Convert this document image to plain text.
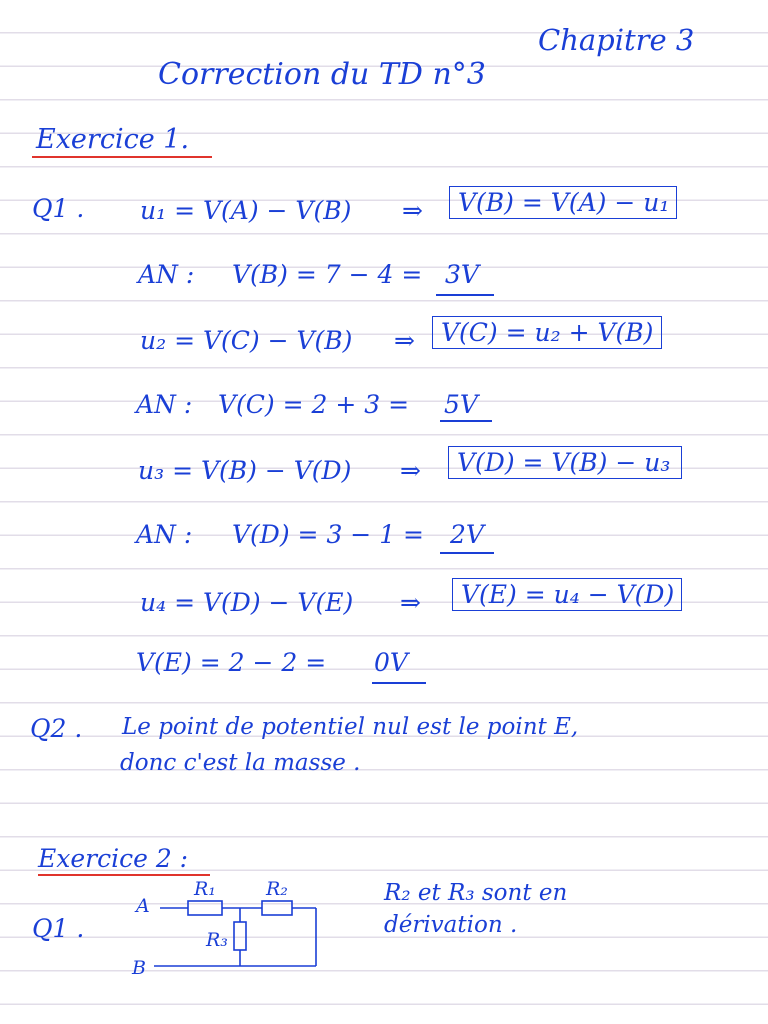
Chapitre 3
Correction du TD n°3
Exercice 1.
Q1 . u₁ = V(A) − V(B) ⇒	V(B) = V(A) − u₁
AN : V(B) = 7 − 4 = 3V
u₂ = V(C) − V(B) ⇒	V(C) = u₂ + V(B)
AN : V(C) = 2 + 3 = 5V
u₃ = V(B) − V(D) ⇒	V(D) = V(B) − u₃
AN : V(D) = 3 − 1 = 2V
u₄ = V(D) − V(E) ⇒	V(E) = u₄ − V(D)
V(E) = 2 − 2 = 0V
Q2 . Le point de potentiel nul est le point E,
donc c'est la masse .
Exercice 2 :
Q1 .
A
B
R₁	R₂
R₃
R₂ et R₃ sont en
dérivation .
